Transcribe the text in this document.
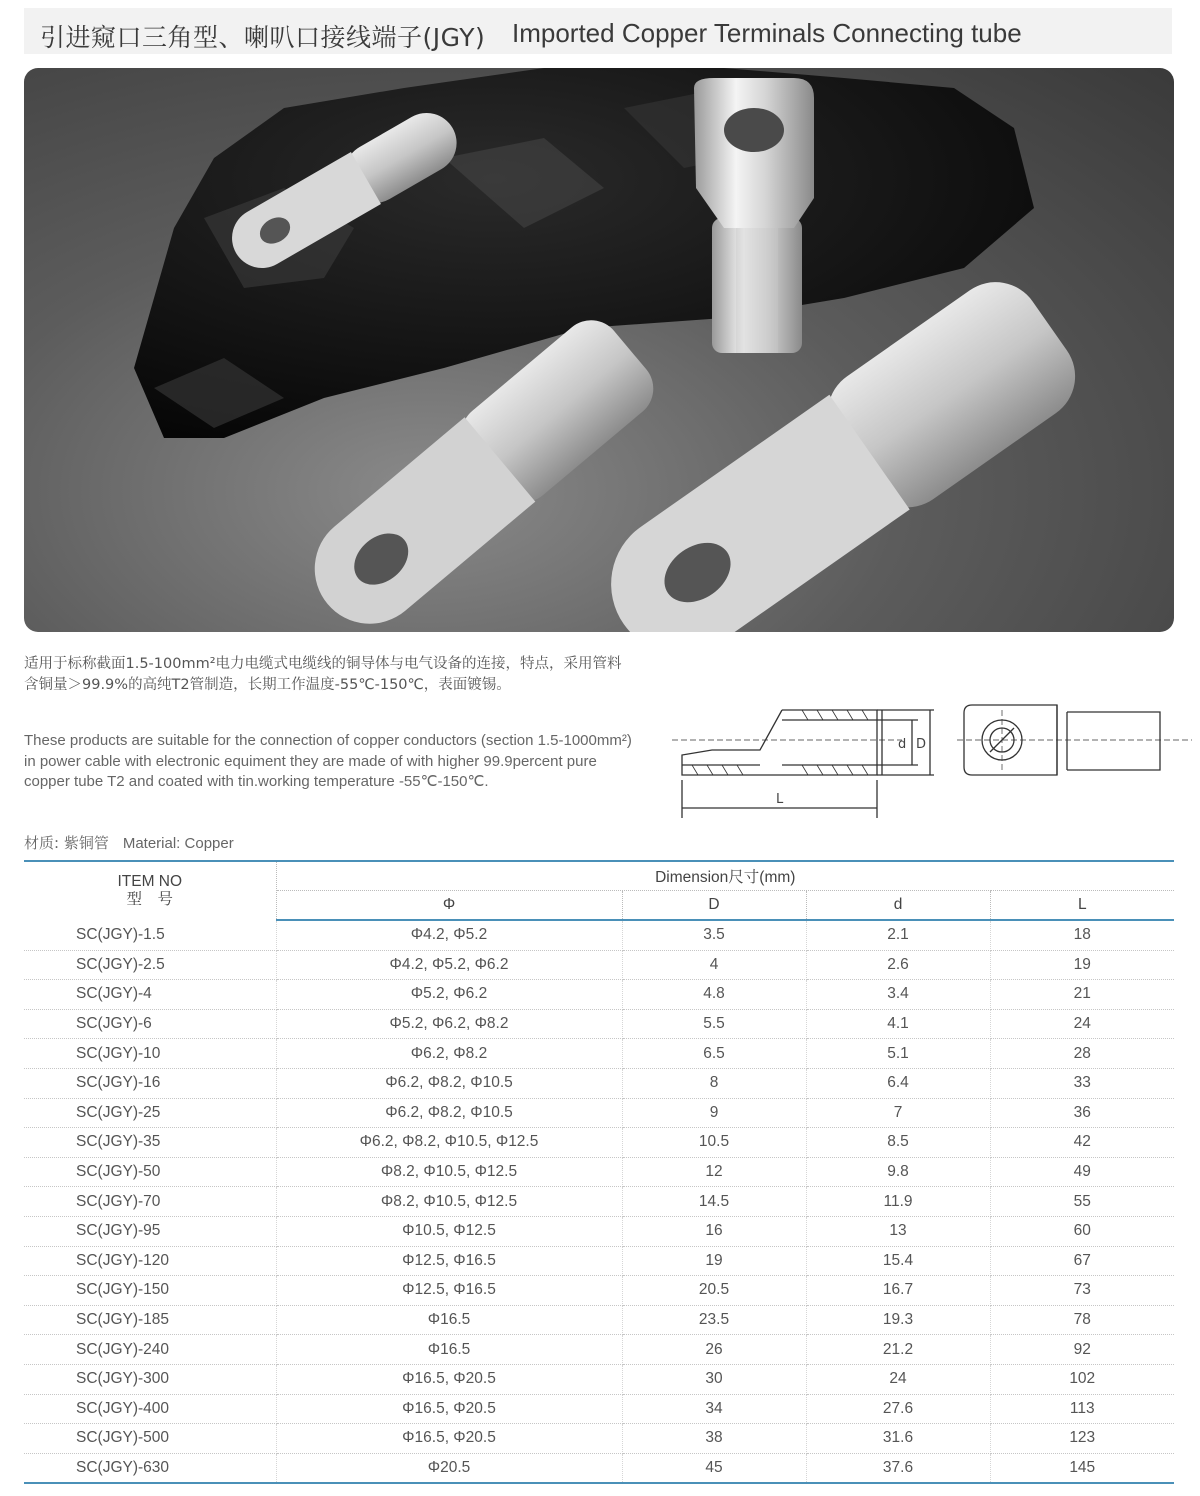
引进窥口三角型、喇叭口接线端子(JGY) Imported Copper Terminals Connecting tube
适用于标称截面1.5-100mm²电力电缆式电缆线的铜导体与电气设备的连接，特点，采用管料含铜量＞99.9%的高纯T2管制造，长期工作温度-55℃-150℃，表面镀锡。
These products are suitable for the connection of copper conductors (section 1.5-1000mm²) in power cable with electronic equiment they are made of with higher 99.9percent pure copper tube T2 and coated with tin.working temperature -55℃-150℃.
材质: 紫铜管 Material: Copper
d D
L
ITEM NO
型　号	Dimension尺寸(mm)			
	Φ	D	d	L
SC(JGY)-1.5	Φ4.2, Φ5.2	3.5	2.1	18
SC(JGY)-2.5	Φ4.2, Φ5.2, Φ6.2	4	2.6	19
SC(JGY)-4	Φ5.2, Φ6.2	4.8	3.4	21
SC(JGY)-6	Φ5.2, Φ6.2, Φ8.2	5.5	4.1	24
SC(JGY)-10	Φ6.2, Φ8.2	6.5	5.1	28
SC(JGY)-16	Φ6.2, Φ8.2, Φ10.5	8	6.4	33
SC(JGY)-25	Φ6.2, Φ8.2, Φ10.5	9	7	36
SC(JGY)-35	Φ6.2, Φ8.2, Φ10.5, Φ12.5	10.5	8.5	42
SC(JGY)-50	Φ8.2, Φ10.5, Φ12.5	12	9.8	49
SC(JGY)-70	Φ8.2, Φ10.5, Φ12.5	14.5	11.9	55
SC(JGY)-95	Φ10.5, Φ12.5	16	13	60
SC(JGY)-120	Φ12.5, Φ16.5	19	15.4	67
SC(JGY)-150	Φ12.5, Φ16.5	20.5	16.7	73
SC(JGY)-185	Φ16.5	23.5	19.3	78
SC(JGY)-240	Φ16.5	26	21.2	92
SC(JGY)-300	Φ16.5, Φ20.5	30	24	102
SC(JGY)-400	Φ16.5, Φ20.5	34	27.6	113
SC(JGY)-500	Φ16.5, Φ20.5	38	31.6	123
SC(JGY)-630	Φ20.5	45	37.6	145
